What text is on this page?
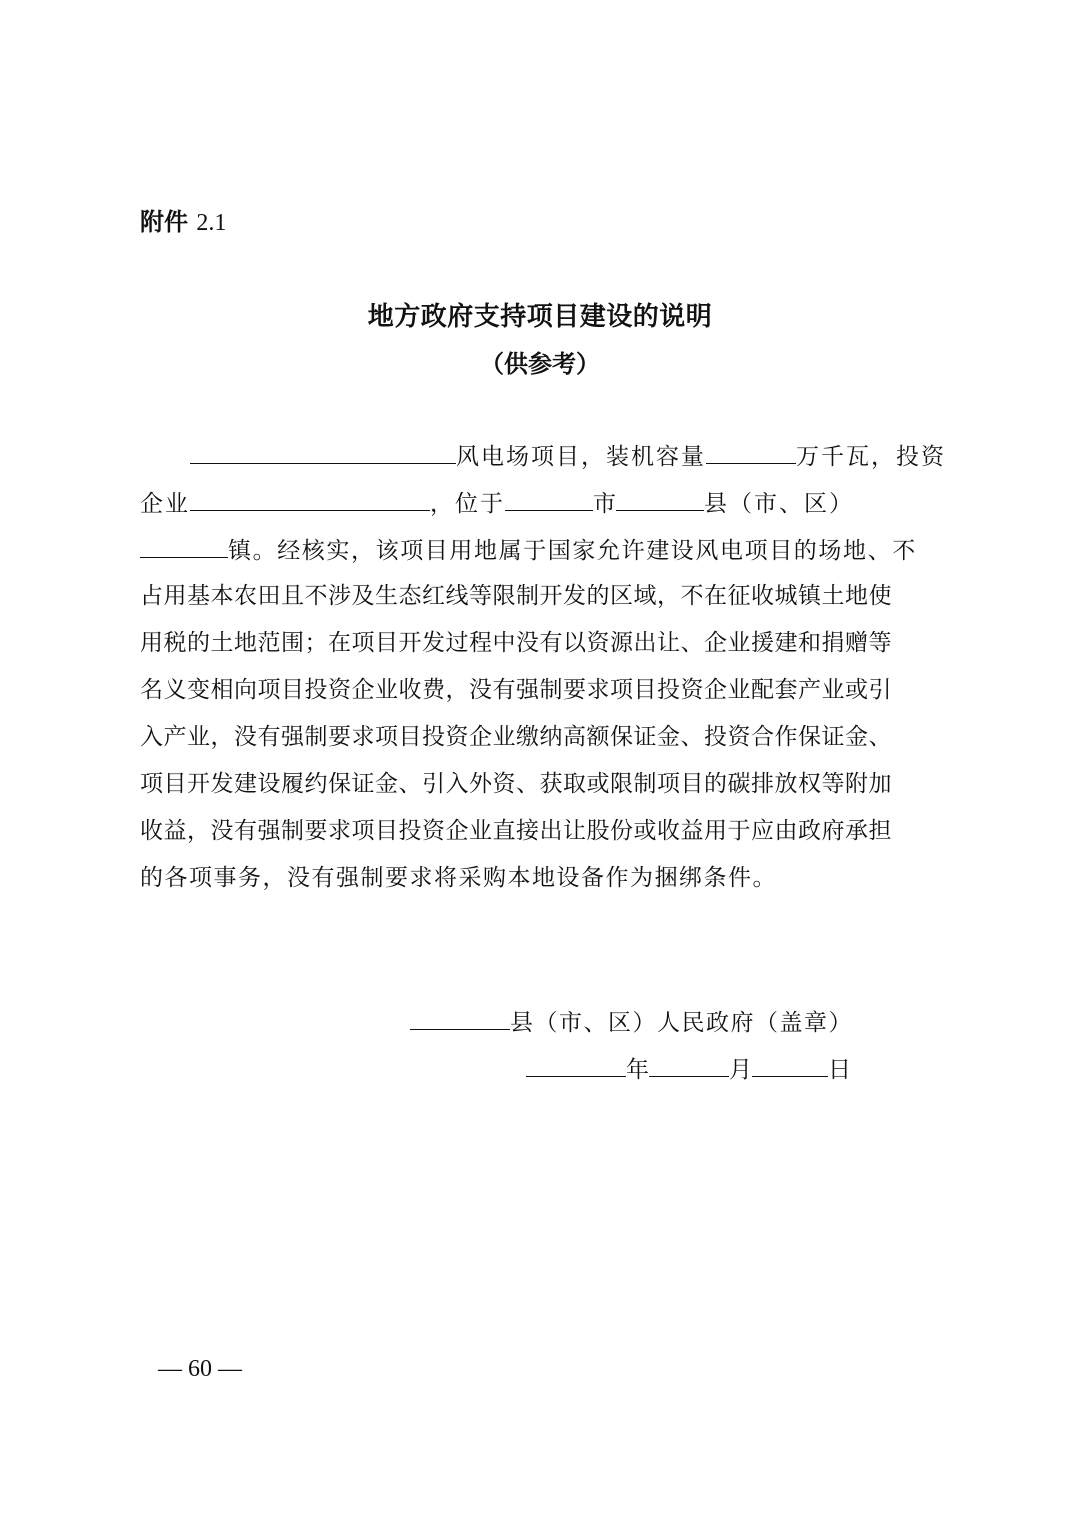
附件 2.1
地方政府支持项目建设的说明
（供参考）
风电场项目，装机容量	万千瓦，投资
企业	，位于	市	县（市、区）
镇。经核实，该项目用地属于国家允许建设风电项目的场地、不
占用基本农田且不涉及生态红线等限制开发的区域，不在征收城镇土地使
用税的土地范围；在项目开发过程中没有以资源出让、企业援建和捐赠等
名义变相向项目投资企业收费，没有强制要求项目投资企业配套产业或引
入产业，没有强制要求项目投资企业缴纳高额保证金、投资合作保证金、
项目开发建设履约保证金、引入外资、获取或限制项目的碳排放权等附加
收益，没有强制要求项目投资企业直接出让股份或收益用于应由政府承担
的各项事务，没有强制要求将采购本地设备作为捆绑条件。
县（市、区）人民政府（盖章）
年	月	日
— 60 —
